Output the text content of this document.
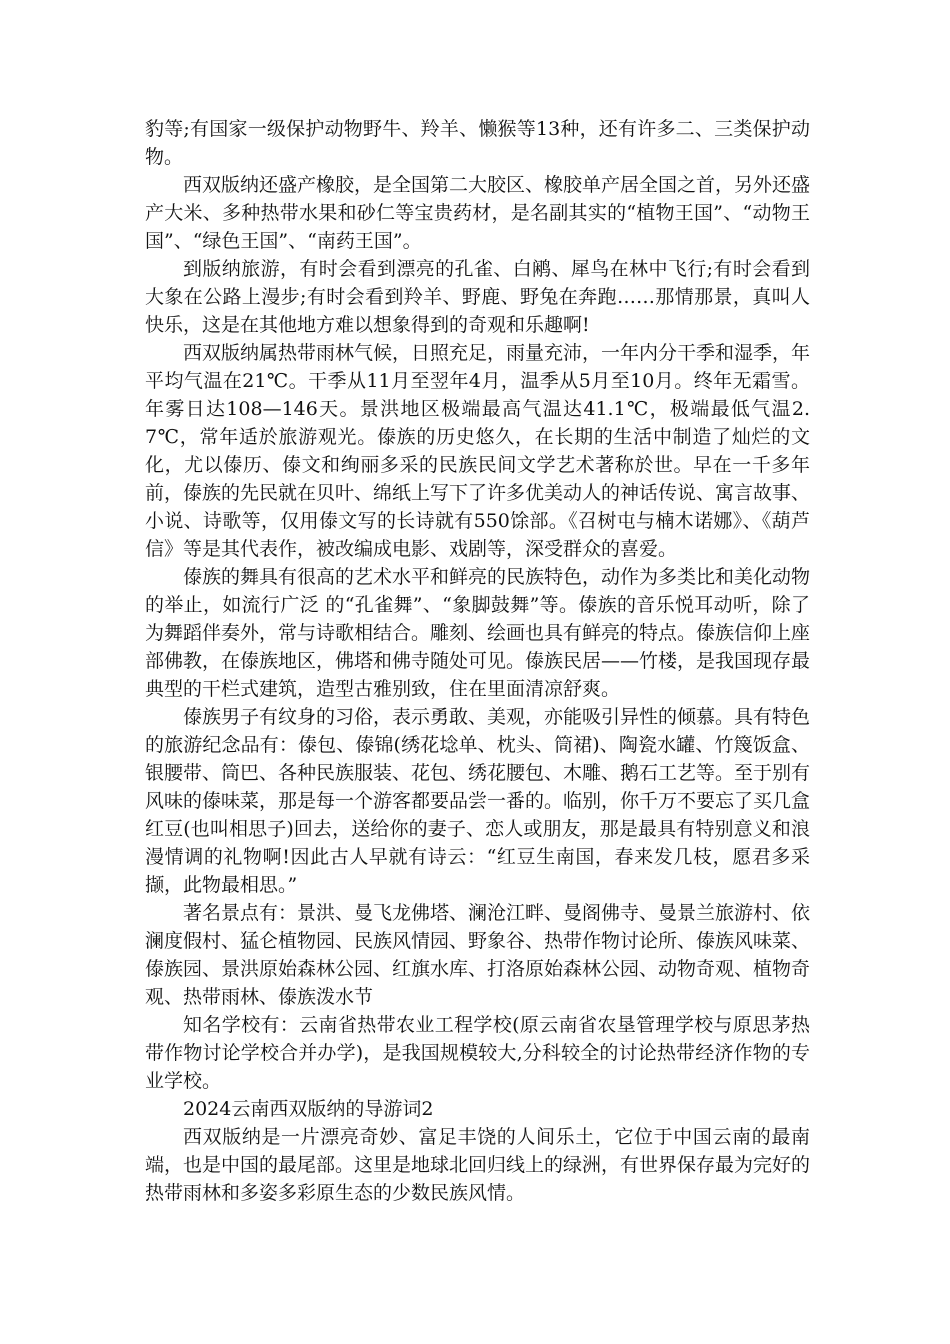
豹等;有国家一级保护动物野牛、羚羊、懒猴等13种，还有许多二、三类保护动物。

西双版纳还盛产橡胶，是全国第二大胶区、橡胶单产居全国之首，另外还盛产大米、多种热带水果和砂仁等宝贵药材，是名副其实的“植物王国”、“动物王国”、“绿色王国”、“南药王国”。

到版纳旅游，有时会看到漂亮的孔雀、白鹇、犀鸟在林中飞行;有时会看到大象在公路上漫步;有时会看到羚羊、野鹿、野兔在奔跑……那情那景，真叫人快乐，这是在其他地方难以想象得到的奇观和乐趣啊!

西双版纳属热带雨林气候，日照充足，雨量充沛，一年内分干季和湿季，年平均气温在21℃。干季从11月至翌年4月，温季从5月至10月。终年无霜雪。年雾日达108—146天。景洪地区极端最高气温达41.1℃，极端最低气温2.7℃，常年适於旅游观光。傣族的历史悠久，在长期的生活中制造了灿烂的文化，尤以傣历、傣文和绚丽多采的民族民间文学艺术著称於世。早在一千多年前，傣族的先民就在贝叶、绵纸上写下了许多优美动人的神话传说、寓言故事、小说、诗歌等，仅用傣文写的长诗就有550馀部。《召树屯与楠木诺娜》、《葫芦信》等是其代表作，被改编成电影、戏剧等，深受群众的喜爱。

傣族的舞具有很高的艺术水平和鲜亮的民族特色，动作为多类比和美化动物的举止，如流行广泛 的“孔雀舞”、“象脚鼓舞”等。傣族的音乐悦耳动听，除了为舞蹈伴奏外，常与诗歌相结合。雕刻、绘画也具有鲜亮的特点。傣族信仰上座部佛教，在傣族地区，佛塔和佛寺随处可见。傣族民居——竹楼，是我国现存最典型的干栏式建筑，造型古雅别致，住在里面清凉舒爽。

傣族男子有纹身的习俗，表示勇敢、美观，亦能吸引异性的倾慕。具有特色的旅游纪念品有：傣包、傣锦(绣花埝单、枕头、筒裙)、陶瓷水罐、竹篾饭盒、银腰带、筒巴、各种民族服装、花包、绣花腰包、木雕、鹅石工艺等。至于别有风味的傣味菜，那是每一个游客都要品尝一番的。临别，你千万不要忘了买几盒红豆(也叫相思子)回去，送给你的妻子、恋人或朋友，那是最具有特别意义和浪漫情调的礼物啊!因此古人早就有诗云：“红豆生南国，春来发几枝，愿君多采撷，此物最相思。”

著名景点有：景洪、曼飞龙佛塔、澜沧江畔、曼阁佛寺、曼景兰旅游村、依澜度假村、猛仑植物园、民族风情园、野象谷、热带作物讨论所、傣族风味菜、傣族园、景洪原始森林公园、红旗水库、打洛原始森林公园、动物奇观、植物奇观、热带雨林、傣族泼水节

知名学校有：云南省热带农业工程学校(原云南省农垦管理学校与原思茅热带作物讨论学校合并办学)，是我国规模较大,分科较全的讨论热带经济作物的专业学校。

2024云南西双版纳的导游词2

西双版纳是一片漂亮奇妙、富足丰饶的人间乐土，它位于中国云南的最南端，也是中国的最尾部。这里是地球北回归线上的绿洲，有世界保存最为完好的热带雨林和多姿多彩原生态的少数民族风情。
